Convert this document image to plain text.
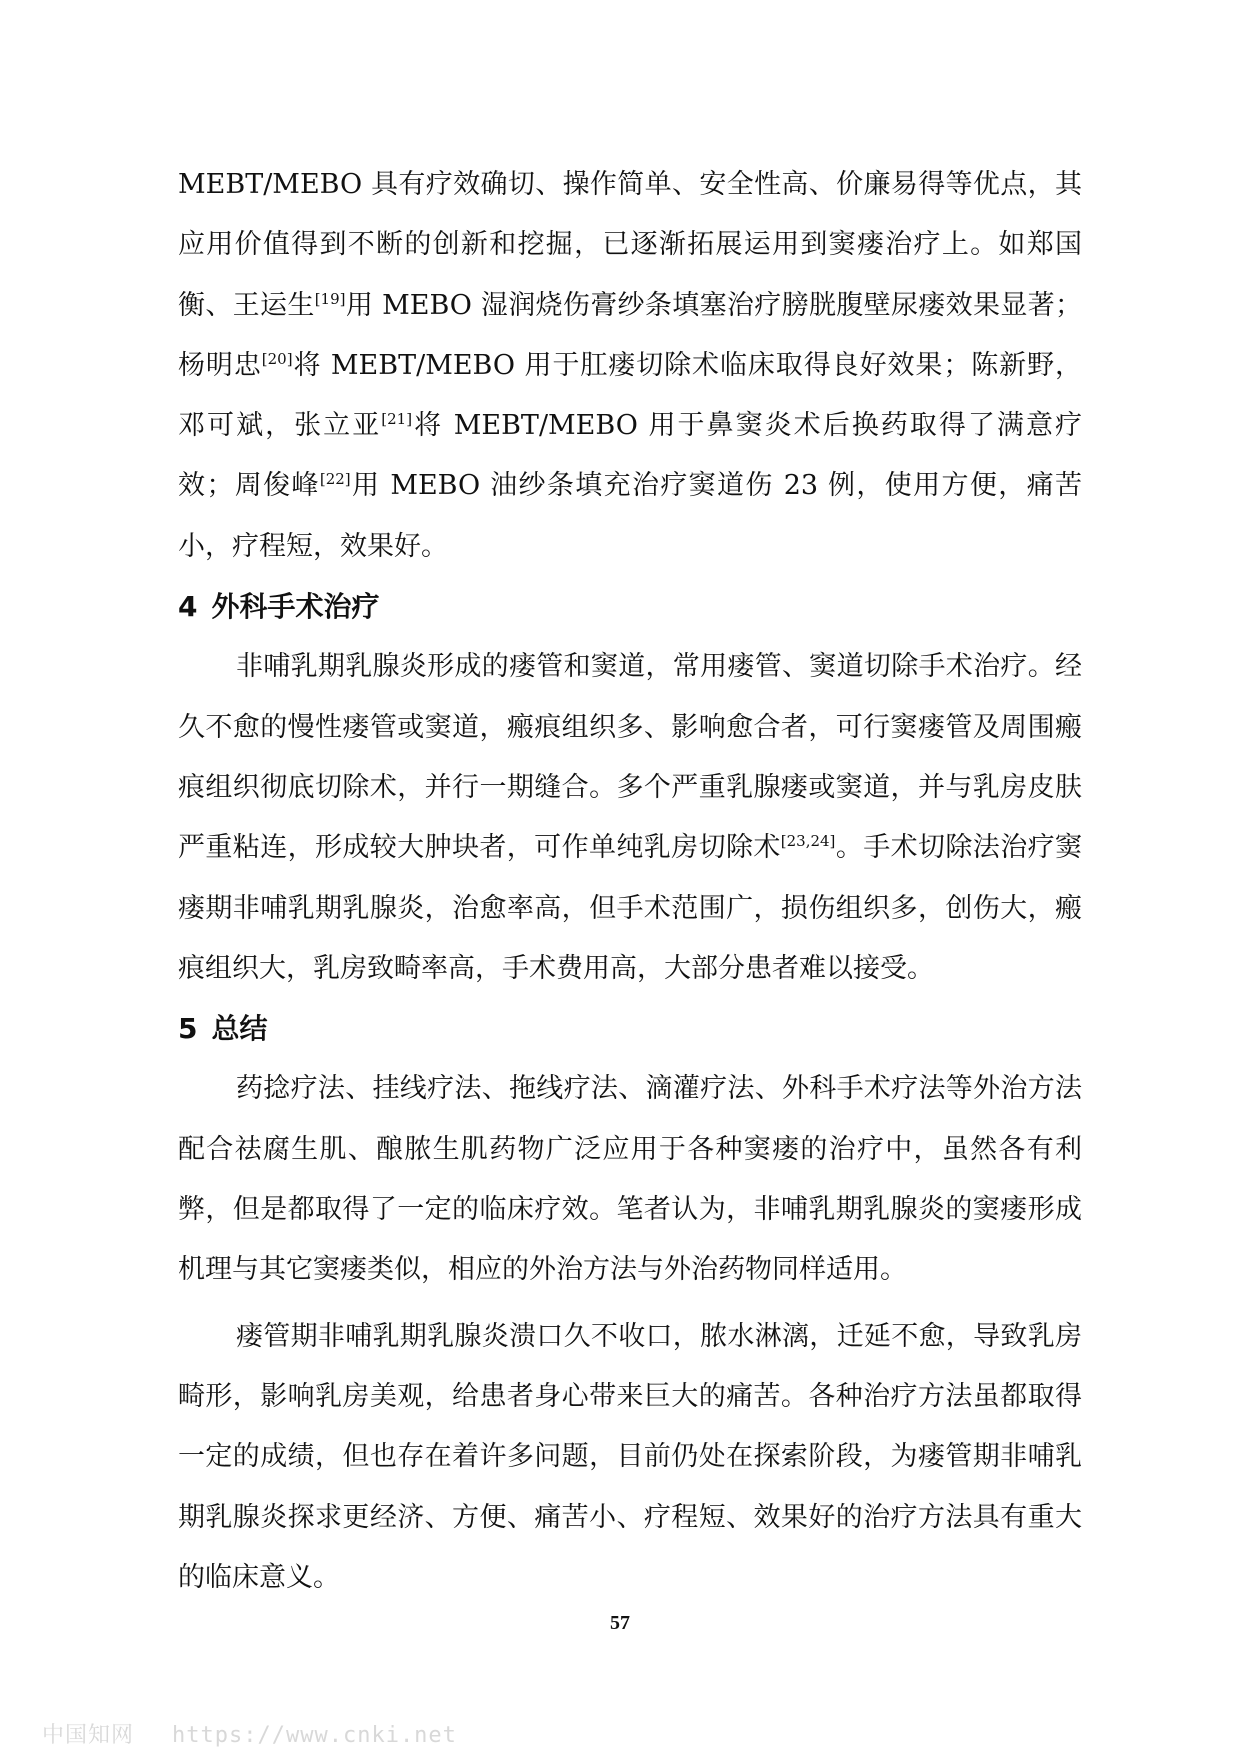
MEBT/MEBO 具有疗效确切、操作简单、安全性高、价廉易得等优点，其应用价值得到不断的创新和挖掘，已逐渐拓展运用到窦瘘治疗上。如郑国衡、王运生[19]用 MEBO 湿润烧伤膏纱条填塞治疗膀胱腹壁尿瘘效果显著；杨明忠[20]将 MEBT/MEBO 用于肛瘘切除术临床取得良好效果；陈新野，邓可斌，张立亚[21]将 MEBT/MEBO 用于鼻窦炎术后换药取得了满意疗效；周俊峰[22]用 MEBO 油纱条填充治疗窦道伤 23 例，使用方便，痛苦小，疗程短，效果好。

4 外科手术治疗

非哺乳期乳腺炎形成的瘘管和窦道，常用瘘管、窦道切除手术治疗。经久不愈的慢性瘘管或窦道，瘢痕组织多、影响愈合者，可行窦瘘管及周围瘢痕组织彻底切除术，并行一期缝合。多个严重乳腺瘘或窦道，并与乳房皮肤严重粘连，形成较大肿块者，可作单纯乳房切除术[23,24]。手术切除法治疗窦瘘期非哺乳期乳腺炎，治愈率高，但手术范围广，损伤组织多，创伤大，瘢痕组织大，乳房致畸率高，手术费用高，大部分患者难以接受。

5 总结

药捻疗法、挂线疗法、拖线疗法、滴灌疗法、外科手术疗法等外治方法配合祛腐生肌、酿脓生肌药物广泛应用于各种窦瘘的治疗中，虽然各有利弊，但是都取得了一定的临床疗效。笔者认为，非哺乳期乳腺炎的窦瘘形成机理与其它窦瘘类似，相应的外治方法与外治药物同样适用。

瘘管期非哺乳期乳腺炎溃口久不收口，脓水淋漓，迁延不愈，导致乳房畸形，影响乳房美观，给患者身心带来巨大的痛苦。各种治疗方法虽都取得一定的成绩，但也存在着许多问题，目前仍处在探索阶段，为瘘管期非哺乳期乳腺炎探求更经济、方便、痛苦小、疗程短、效果好的治疗方法具有重大的临床意义。

57
中国知网 https://www.cnki.net
